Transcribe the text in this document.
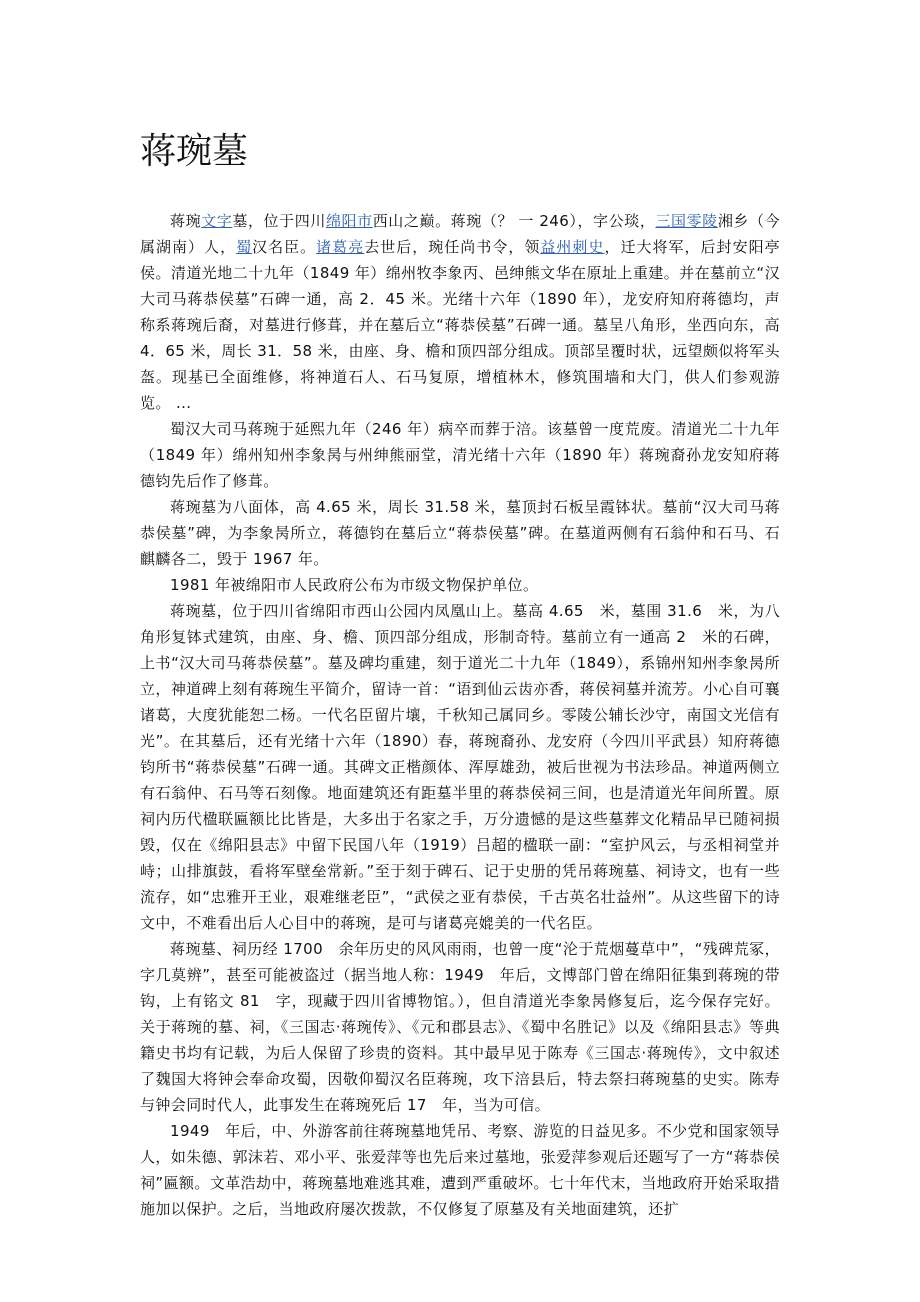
蒋琬墓

蒋琬文字墓，位于四川绵阳市西山之巅。蒋琬（？ 一 246），字公琰，三国零陵湘乡（今属湖南）人，蜀汉名臣。诸葛亮去世后，琬任尚书令，领益州刺史，迁大将军，后封安阳亭侯。清道光地二十九年（1849 年）绵州牧李象丙、邑绅熊文华在原址上重建。并在墓前立“汉大司马蒋恭侯墓”石碑一通，高 2．45 米。光绪十六年（1890 年），龙安府知府蒋德均，声称系蒋琬后裔，对墓进行修葺，并在墓后立“蒋恭侯墓”石碑一通。墓呈八角形，坐西向东，高 4．65 米，周长 31．58 米，由座、身、檐和顶四部分组成。顶部呈覆时状，远望颇似将军头盔。现基已全面维修，将神道石人、石马复原，增植林木，修筑围墙和大门，供人们参观游览。 ...

蜀汉大司马蒋琬于延熙九年（246 年）病卒而葬于涪。该墓曾一度荒废。清道光二十九年（1849 年）绵州知州李象昺与州绅熊丽堂，清光绪十六年（1890 年）蒋琬裔孙龙安知府蒋德钧先后作了修葺。

蒋琬墓为八面体，高 4.65 米，周长 31.58 米，墓顶封石板呈霞钵状。墓前“汉大司马蒋恭侯墓”碑，为李象昺所立，蒋德钧在墓后立“蒋恭侯墓”碑。在墓道两侧有石翁仲和石马、石麒麟各二，毁于 1967 年。

1981 年被绵阳市人民政府公布为市级文物保护单位。

蒋琬墓，位于四川省绵阳市西山公园内凤凰山上。墓高 4.65　米，墓围 31.6　米，为八角形复钵式建筑，由座、身、檐、顶四部分组成，形制奇特。墓前立有一通高 2　米的石碑，上书“汉大司马蒋恭侯墓”。墓及碑均重建，刻于道光二十九年（1849），系锦州知州李象昺所立，神道碑上刻有蒋琬生平简介，留诗一首：“语到仙云齿亦香，蒋侯祠墓并流芳。小心自可襄诸葛，大度犹能恕二杨。一代名臣留片壤，千秋知己属同乡。零陵公辅长沙守，南国文光信有光”。在其墓后，还有光绪十六年（1890）春，蒋琬裔孙、龙安府（今四川平武县）知府蒋德钧所书“蒋恭侯墓”石碑一通。其碑文正楷颜体、浑厚雄劲，被后世视为书法珍品。神道两侧立有石翁仲、石马等石刻像。地面建筑还有距墓半里的蒋恭侯祠三间，也是清道光年间所置。原祠内历代楹联匾额比比皆是，大多出于名家之手，万分遗憾的是这些墓葬文化精品早已随祠损毁，仅在《绵阳县志》中留下民国八年（1919）吕超的楹联一副：“室护风云，与丞相祠堂并峙；山排旗鼓，看将军壁垒常新。”至于刻于碑石、记于史册的凭吊蒋琬墓、祠诗文，也有一些流存，如“忠雅开王业，艰难继老臣”，“武侯之亚有恭侯，千古英名壮益州”。从这些留下的诗文中，不难看出后人心目中的蒋琬，是可与诸葛亮媲美的一代名臣。

蒋琬墓、祠历经 1700　余年历史的风风雨雨，也曾一度“沦于荒烟蔓草中”，“残碑荒冢，字几莫辨”，甚至可能被盗过（据当地人称：1949　年后，文博部门曾在绵阳征集到蒋琬的带钩，上有铭文 81　字，现藏于四川省博物馆。），但自清道光李象昺修复后，迄今保存完好。关于蒋琬的墓、祠，《三国志·蒋琬传》、《元和郡县志》、《蜀中名胜记》以及《绵阳县志》等典籍史书均有记载，为后人保留了珍贵的资料。其中最早见于陈寿《三国志·蒋琬传》，文中叙述了魏国大将钟会奉命攻蜀，因敬仰蜀汉名臣蒋琬，攻下涪县后，特去祭扫蒋琬墓的史实。陈寿与钟会同时代人，此事发生在蒋琬死后 17　年，当为可信。

1949　年后，中、外游客前往蒋琬墓地凭吊、考察、游览的日益见多。不少党和国家领导人，如朱德、郭沫若、邓小平、张爱萍等也先后来过墓地，张爱萍参观后还题写了一方“蒋恭侯祠”匾额。文革浩劫中，蒋琬墓地难逃其难，遭到严重破坏。七十年代末，当地政府开始采取措施加以保护。之后，当地政府屡次拨款，不仅修复了原墓及有关地面建筑，还扩
